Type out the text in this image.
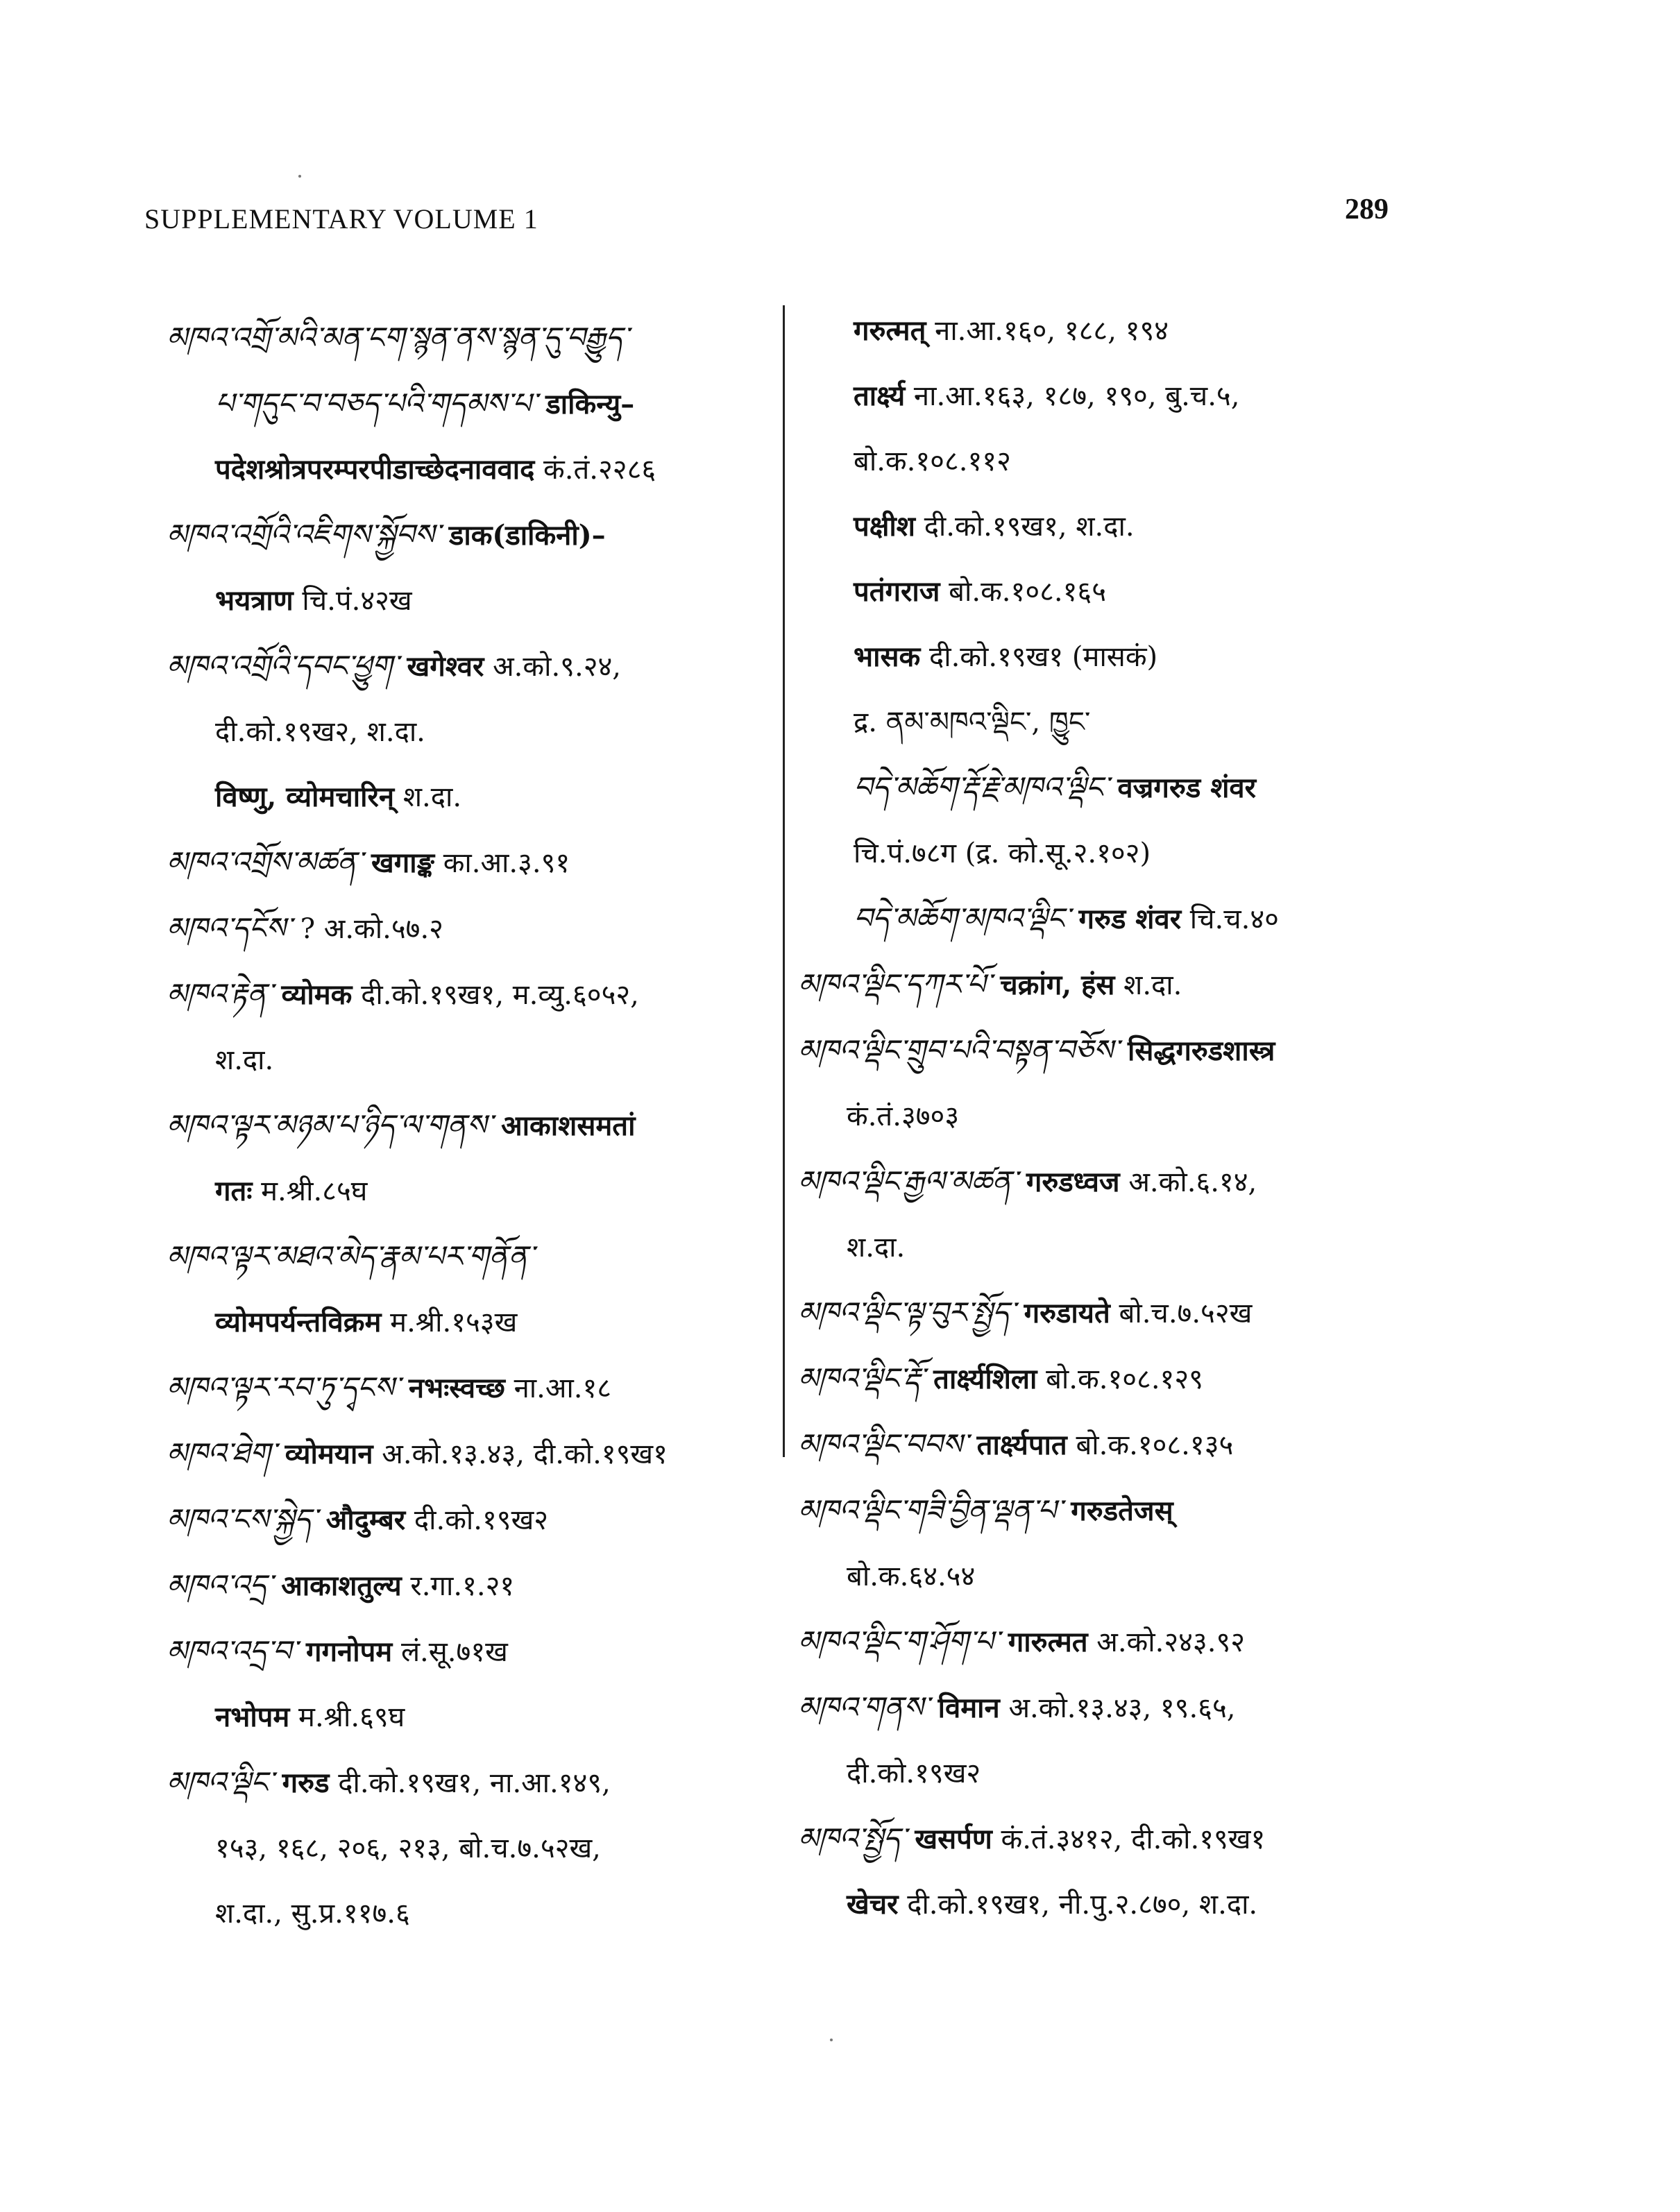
SUPPLEMENTARY VOLUME 1	289
མཁའ་འགྲོ་མའི་མན་ངག་སྙན་ནས་སྙན་དུ་བརྒྱུད་
པ་གདུང་བ་བཅད་པའི་གདམས་པ་ डाकिन्यु–
पदेशश्रोत्रपरम्परपीडाच्छेदनाववाद कं.तं.२२८६
མཁའ་འགྲོའི་འཇིགས་སྐྱོབས་ डाक(डाकिनी)–
भयत्राण चि.पं.४२ख
མཁའ་འགྲོའི་དབང་ཕྱུག་ खगेश्वर अ.को.९.२४,
दी.को.१९ख२, श.दा.
विष्णु, व्योमचारिन् श.दा.
མཁའ་འགྲོས་མཚན་ खगाङ्क का.आ.३.९१
མཁའ་དངོས་ ? अ.को.५७.२
མཁའ་རྟེན་ व्योमक दी.को.१९ख१, म.व्यु.६०५२,
श.दा.
མཁའ་ལྟར་མཉམ་པ་ཉིད་ལ་གནས་ आकाशसमतां
गतः म.श्री.८५घ
མཁའ་ལྟར་མཐའ་མེད་རྣམ་པར་གནོན་
व्योमपर्यन्तविक्रम म.श्री.१५३ख
མཁའ་ལྟར་རབ་ཏུ་དྭངས་ नभःस्वच्छ ना.आ.१८
མཁའ་ཐེག་ व्योमयान अ.को.१३.४३, दी.को.१९ख१
མཁའ་ངས་སྐྱེད་ औदुम्बर दी.को.१९ख२
མཁའ་འདྲ་ आकाशतुल्य र.गा.१.२१
མཁའ་འདྲ་བ་ गगनोपम लं.सू.७१ख
नभोपम म.श्री.६९घ
མཁའ་ལྡིང་ गरुड दी.को.१९ख१, ना.आ.१४९,
१५३, १६८, २०६, २१३, बो.च.७.५२ख,
श.दा., सु.प्र.११७.६
गरुत्मत् ना.आ.१६०, १८८, १९४
तार्क्ष्य ना.आ.१६३, १८७, १९०, बु.च.५,
बो.क.१०८.११२
पक्षीश दी.को.१९ख१, श.दा.
पतंगराज बो.क.१०८.१६५
भासक दी.को.१९ख१ (मासकं)
द्र. ནམ་མཁའ་ལྡིང་, ཁྱུང་
བདེ་མཆོག་རྡོ་རྗེ་མཁའ་ལྡིང་ वज्रगरुड शंवर
चि.पं.७८ग (द्र. को.सू.२.१०२)
བདེ་མཆོག་མཁའ་ལྡིང་ गरुड शंवर चि.च.४०
མཁའ་ལྡིང་དཀར་པོ་ चक्रांग, हंस श.दा.
མཁའ་ལྡིང་གྲུབ་པའི་བསྟན་བཅོས་ सिद्धगरुडशास्त्र
कं.तं.३७०३
མཁའ་ལྡིང་རྒྱལ་མཚན་ गरुडध्वज अ.को.६.१४,
श.दा.
མཁའ་ལྡིང་ལྟ་བུར་སྤྱོད་ गरुडायते बो.च.७.५२ख
མཁའ་ལྡིང་རྡོ་ तार्क्ष्यशिला बो.क.१०८.१२९
མཁའ་ལྡིང་བབས་ तार्क्ष्यपात बो.क.१०८.१३५
མཁའ་ལྡིང་གཟི་བྱིན་ལྡན་པ་ गरुडतेजस्
बो.क.६४.५४
མཁའ་ལྡིང་ག་ཤོག་པ་ गारुत्मत अ.को.२४३.९२
མཁའ་གནས་ विमान अ.को.१३.४३, १९.६५,
दी.को.१९ख२
མཁའ་སྤྱོད་ खसर्पण कं.तं.३४१२, दी.को.१९ख१
खेचर दी.को.१९ख१, नी.पु.२.८७०, श.दा.
